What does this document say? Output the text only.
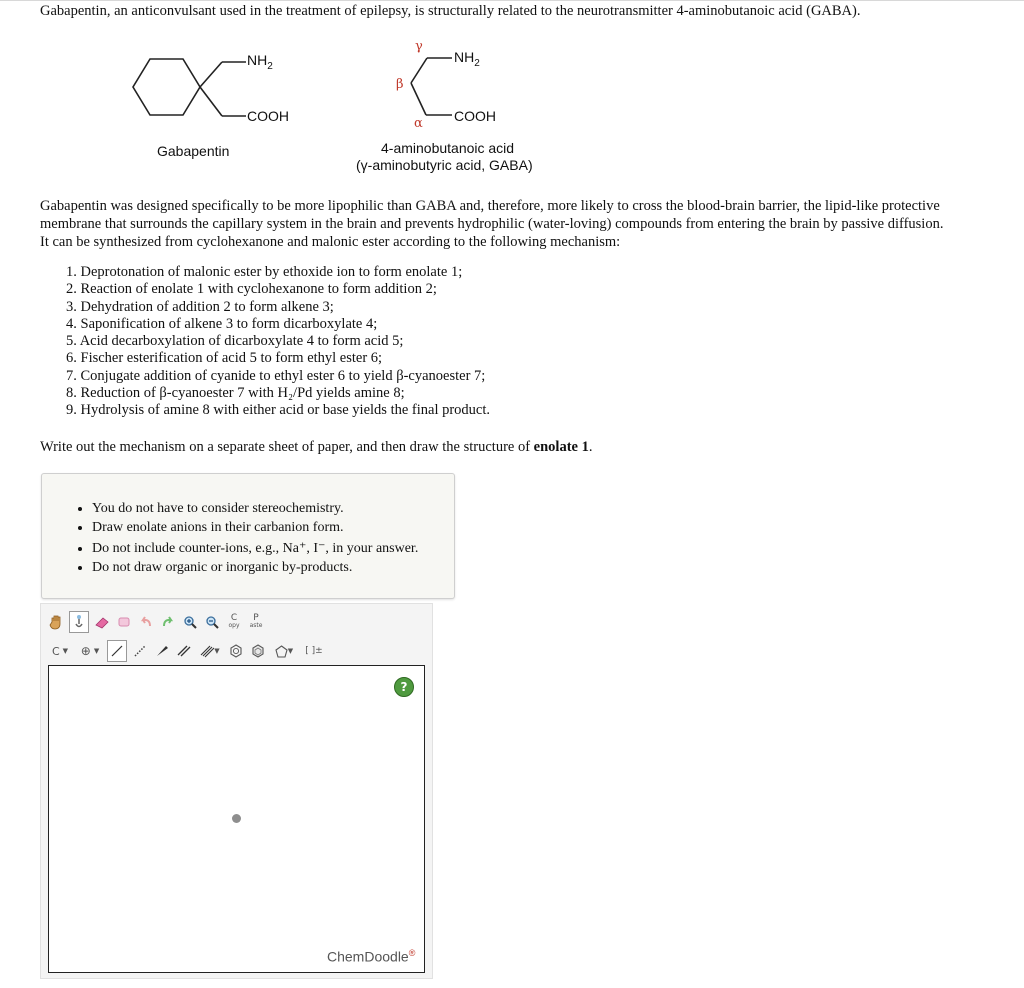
Gabapentin, an anticonvulsant used in the treatment of epilepsy, is structurally related to the neurotransmitter 4-aminobutanoic acid (GABA).
$NH_2$
COOH
Gabapentin
γ
β
α
$NH_2$
COOH
4-aminobutanoic acid
(γ-aminobutyric acid, GABA)
Gabapentin was designed specifically to be more lipophilic than GABA and, therefore, more likely to cross the blood-brain barrier, the lipid-like protective
membrane that surrounds the capillary system in the brain and prevents hydrophilic (water-loving) compounds from entering the brain by passive diffusion.
It can be synthesized from cyclohexanone and malonic ester according to the following mechanism:
1. Deprotonation of malonic ester by ethoxide ion to form enolate 1;
2. Reaction of enolate 1 with cyclohexanone to form addition 2;
3. Dehydration of addition 2 to form alkene 3;
4. Saponification of alkene 3 to form dicarboxylate 4;
5. Acid decarboxylation of dicarboxylate 4 to form acid 5;
6. Fischer esterification of acid 5 to form ethyl ester 6;
7. Conjugate addition of cyanide to ethyl ester 6 to yield β-cyanoester 7;
8. Reduction of β-cyanoester 7 with H₂/Pd yields amine 8;
9. Hydrolysis of amine 8 with either acid or base yields the final product.
Write out the mechanism on a separate sheet of paper, and then draw the structure of enolate 1.
• You do not have to consider stereochemistry.
• Draw enolate anions in their carbanion form.
• Do not include counter-ions, e.g., Na⁺, I⁻, in your answer.
• Do not draw organic or inorganic by-products.
C
opy
P
aste
C ▼ ⊕ ▼	▼	▼	[ ]±
?
ChemDoodle®
